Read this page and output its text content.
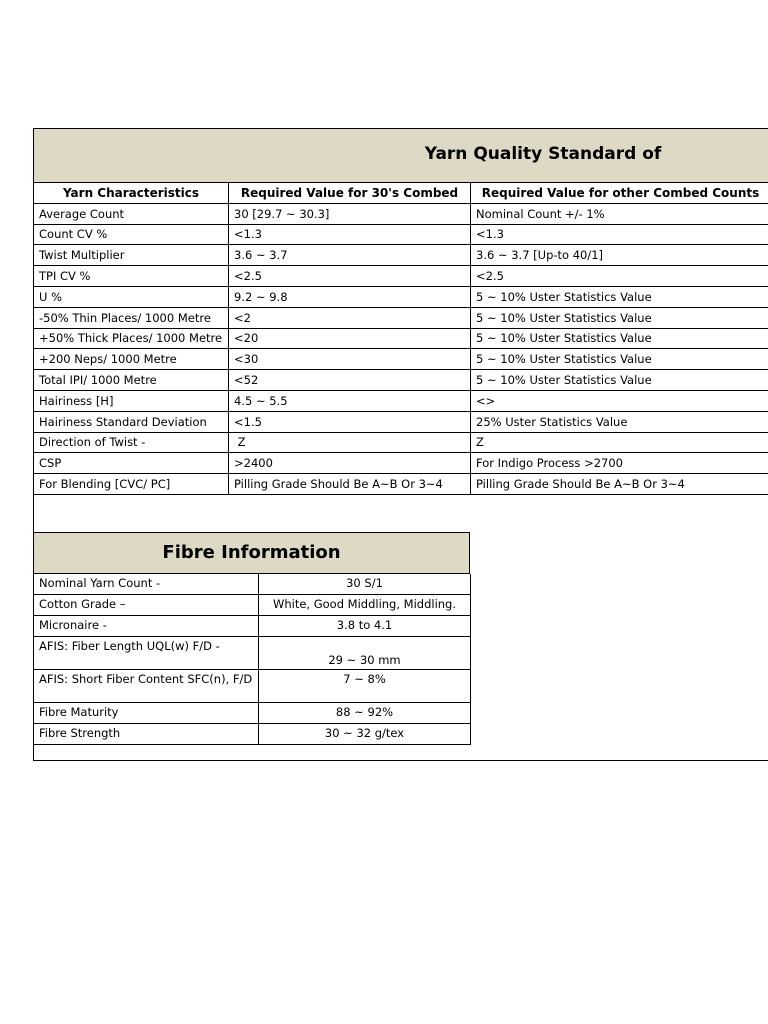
Yarn Quality Standard of
Yarn Characteristics	Required Value for 30's Combed	Required Value for other Combed Counts
Average Count	30 [29.7 ~ 30.3]	Nominal Count +/- 1%
Count CV %	<1.3	<1.3
Twist Multiplier	3.6 ~ 3.7	3.6 ~ 3.7 [Up-to 40/1]
TPI CV %	<2.5	<2.5
U %	9.2 ~ 9.8	5 ~ 10% Uster Statistics Value
-50% Thin Places/ 1000 Metre	<2	5 ~ 10% Uster Statistics Value
+50% Thick Places/ 1000 Metre	<20	5 ~ 10% Uster Statistics Value
+200 Neps/ 1000 Metre	<30	5 ~ 10% Uster Statistics Value
Total IPI/ 1000 Metre	<52	5 ~ 10% Uster Statistics Value
Hairiness [H]	4.5 ~ 5.5	<>
Hairiness Standard Deviation	<1.5	25% Uster Statistics Value
Direction of Twist -	Z	Z
CSP	>2400	For Indigo Process >2700
For Blending [CVC/ PC]	Pilling Grade Should Be A~B Or 3~4	Pilling Grade Should Be A~B Or 3~4
Fibre Information
Nominal Yarn Count -	30 S/1
Cotton Grade –	White, Good Middling, Middling.
Micronaire -	3.8 to 4.1
AFIS: Fiber Length UQL(w) F/D -	29 ~ 30 mm
AFIS: Short Fiber Content SFC(n), F/D	7 ~ 8%
Fibre Maturity	88 ~ 92%
Fibre Strength	30 ~ 32 g/tex
